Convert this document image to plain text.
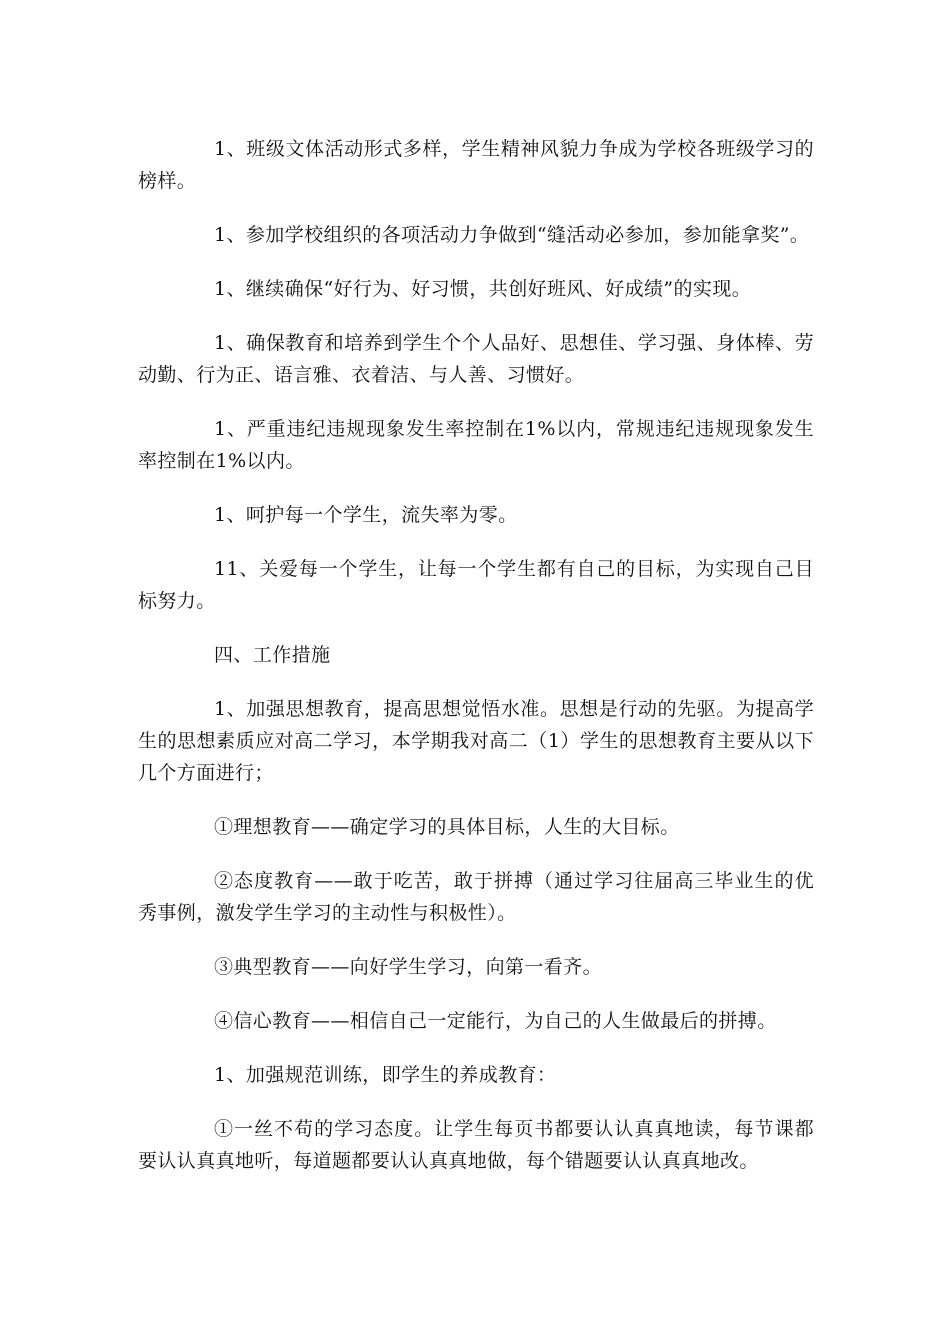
1、班级文体活动形式多样，学生精神风貌力争成为学校各班级学习的榜样。

1、参加学校组织的各项活动力争做到“缝活动必参加，参加能拿奖”。

1、继续确保“好行为、好习惯，共创好班风、好成绩”的实现。

1、确保教育和培养到学生个个人品好、思想佳、学习强、身体棒、劳动勤、行为正、语言雅、衣着洁、与人善、习惯好。

1、严重违纪违规现象发生率控制在1%以内，常规违纪违规现象发生率控制在1%以内。

1、呵护每一个学生，流失率为零。

11、关爱每一个学生，让每一个学生都有自己的目标，为实现自己目标努力。

四、工作措施

1、加强思想教育，提高思想觉悟水准。思想是行动的先驱。为提高学生的思想素质应对高二学习，本学期我对高二（1）学生的思想教育主要从以下几个方面进行；

①理想教育——确定学习的具体目标，人生的大目标。

②态度教育——敢于吃苦，敢于拼搏（通过学习往届高三毕业生的优秀事例，激发学生学习的主动性与积极性）。

③典型教育——向好学生学习，向第一看齐。

④信心教育——相信自己一定能行，为自己的人生做最后的拼搏。

1、加强规范训练，即学生的养成教育：

①一丝不苟的学习态度。让学生每页书都要认认真真地读，每节课都要认认真真地听，每道题都要认认真真地做，每个错题要认认真真地改。
